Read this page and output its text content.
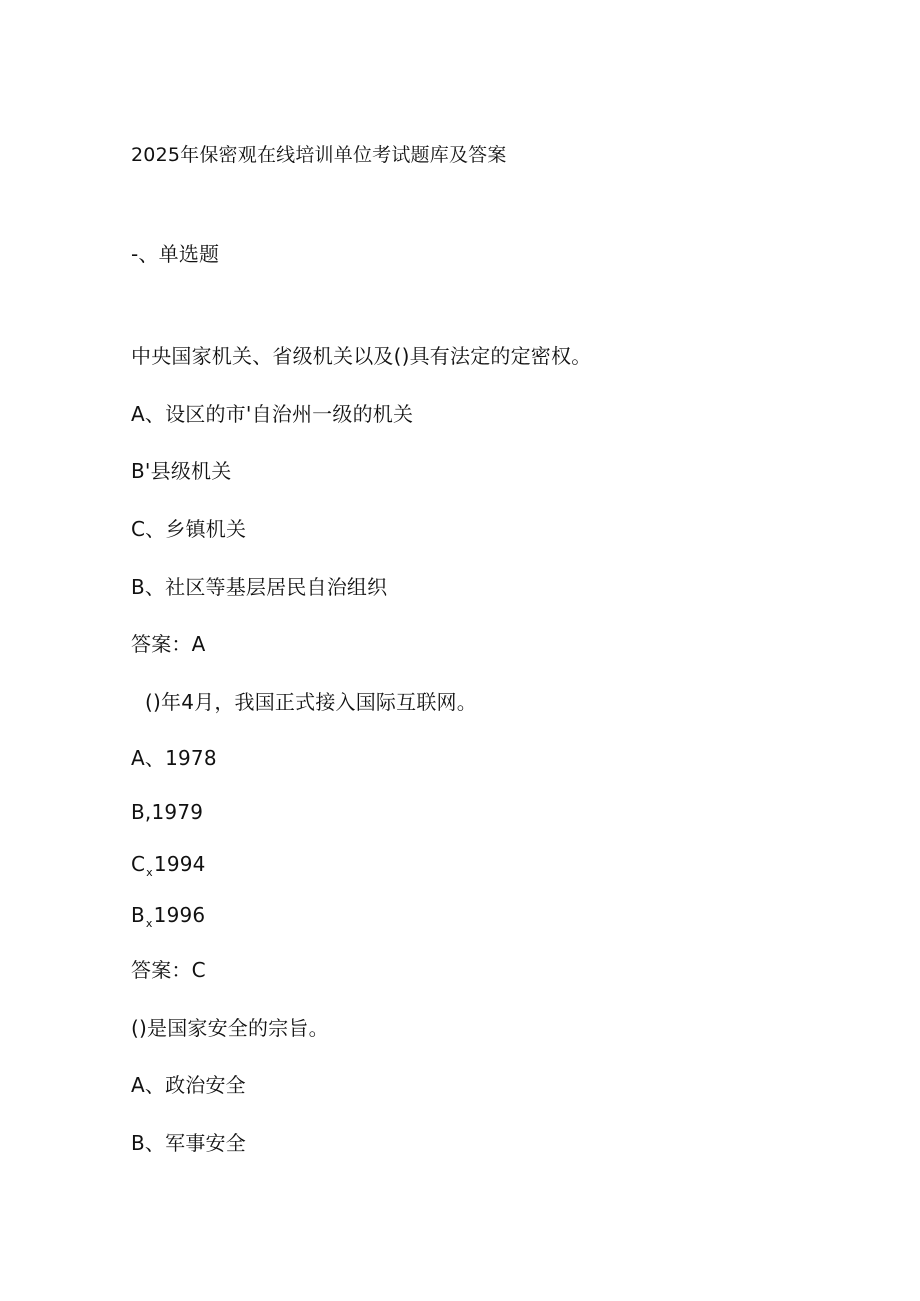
2025年保密观在线培训单位考试题库及答案
-、单选题
中央国家机关、省级机关以及()具有法定的定密权。
A、设区的市'自治州一级的机关
B'县级机关
C、乡镇机关
B、社区等基层居民自治组织
答案：A
()年4月，我国正式接入国际互联网。
A、1978
B,1979
$C_x1994$
$B_x1996$
答案：C
()是国家安全的宗旨。
A、政治安全
B、军事安全
